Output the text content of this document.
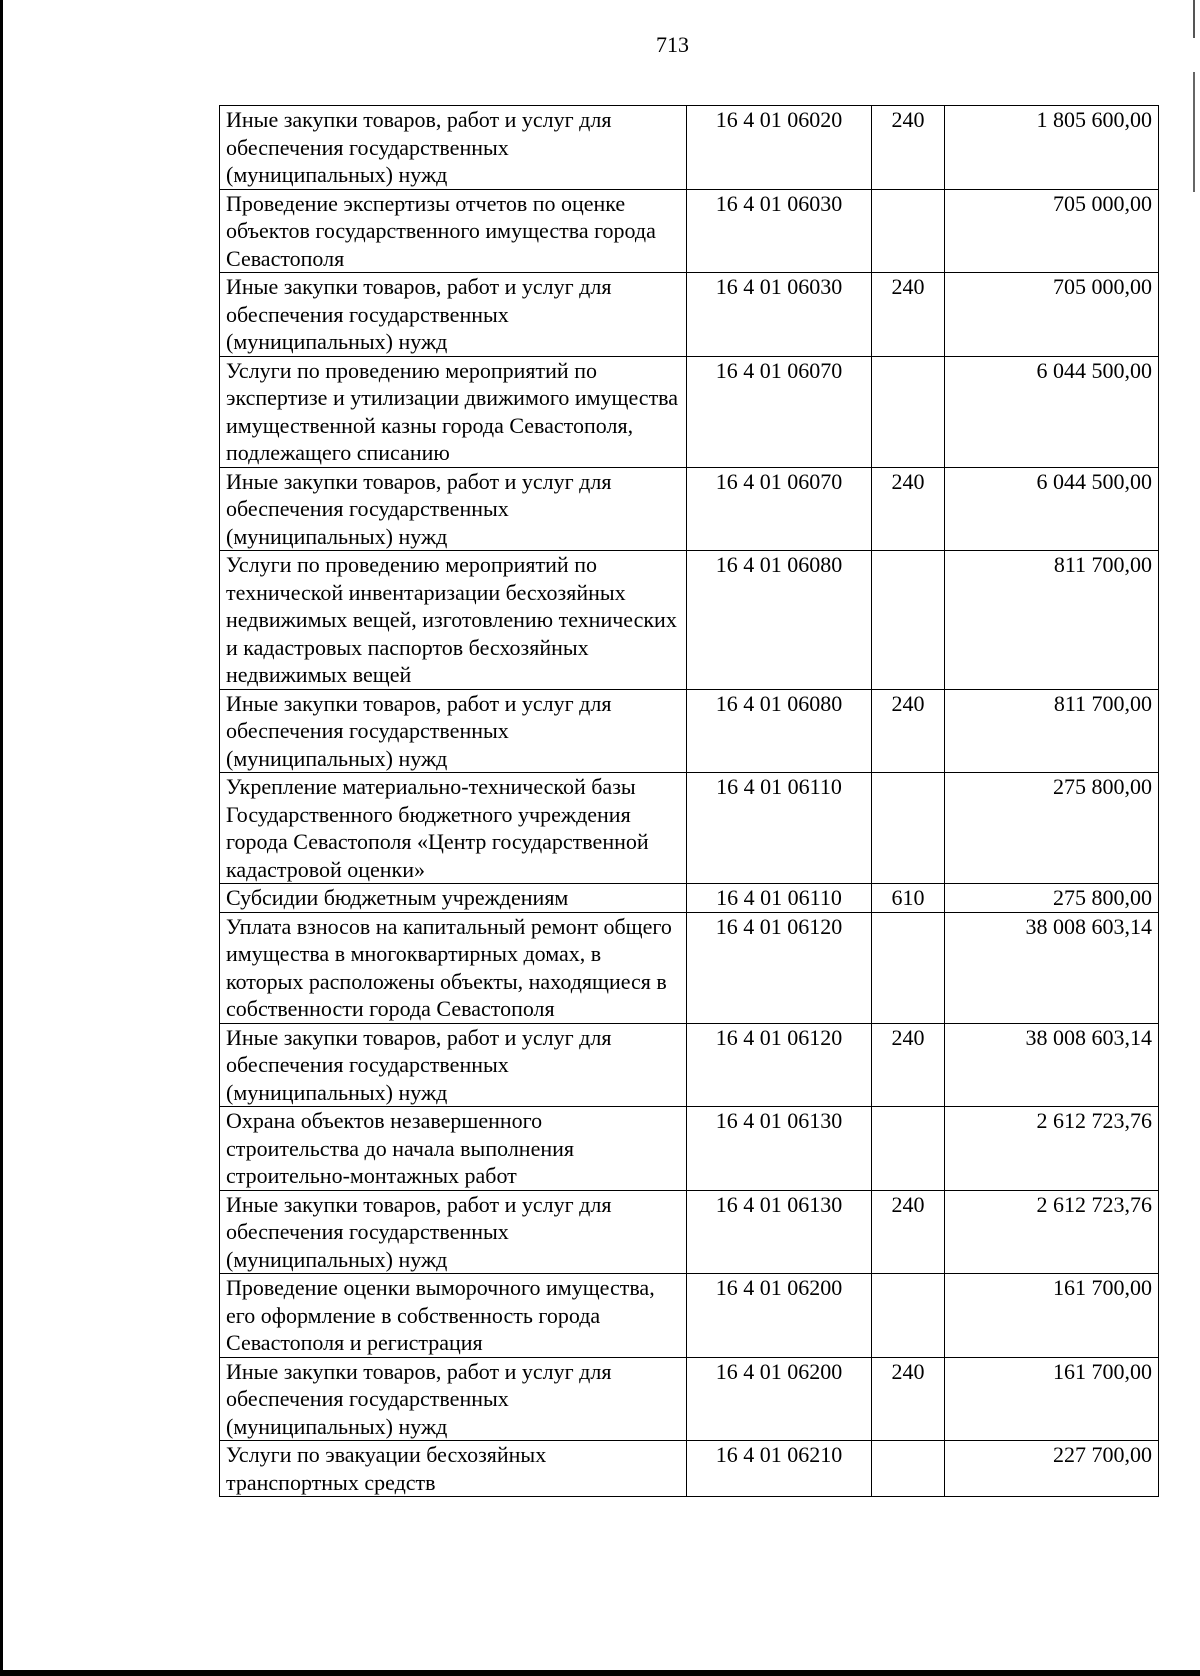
713
Иные закупки товаров, работ и услуг для обеспечения государственных (муниципальных) нужд	16 4 01 06020	240	1 805 600,00
Проведение экспертизы отчетов по оценке объектов государственного имущества города Севастополя	16 4 01 06030		705 000,00
Иные закупки товаров, работ и услуг для обеспечения государственных (муниципальных) нужд	16 4 01 06030	240	705 000,00
Услуги по проведению мероприятий по экспертизе и утилизации движимого имущества имущественной казны города Севастополя, подлежащего списанию	16 4 01 06070		6 044 500,00
Иные закупки товаров, работ и услуг для обеспечения государственных (муниципальных) нужд	16 4 01 06070	240	6 044 500,00
Услуги по проведению мероприятий по технической инвентаризации бесхозяйных недвижимых вещей, изготовлению технических и кадастровых паспортов бесхозяйных недвижимых вещей	16 4 01 06080		811 700,00
Иные закупки товаров, работ и услуг для обеспечения государственных (муниципальных) нужд	16 4 01 06080	240	811 700,00
Укрепление материально-технической базы Государственного бюджетного учреждения города Севастополя «Центр государственной кадастровой оценки»	16 4 01 06110		275 800,00
Субсидии бюджетным учреждениям	16 4 01 06110	610	275 800,00
Уплата взносов на капитальный ремонт общего имущества в многоквартирных домах, в которых расположены объекты, находящиеся в собственности города Севастополя	16 4 01 06120		38 008 603,14
Иные закупки товаров, работ и услуг для обеспечения государственных (муниципальных) нужд	16 4 01 06120	240	38 008 603,14
Охрана объектов незавершенного строительства до начала выполнения строительно-монтажных работ	16 4 01 06130		2 612 723,76
Иные закупки товаров, работ и услуг для обеспечения государственных (муниципальных) нужд	16 4 01 06130	240	2 612 723,76
Проведение оценки выморочного имущества, его оформление в собственность города Севастополя и регистрация	16 4 01 06200		161 700,00
Иные закупки товаров, работ и услуг для обеспечения государственных (муниципальных) нужд	16 4 01 06200	240	161 700,00
Услуги по эвакуации бесхозяйных транспортных средств	16 4 01 06210		227 700,00
